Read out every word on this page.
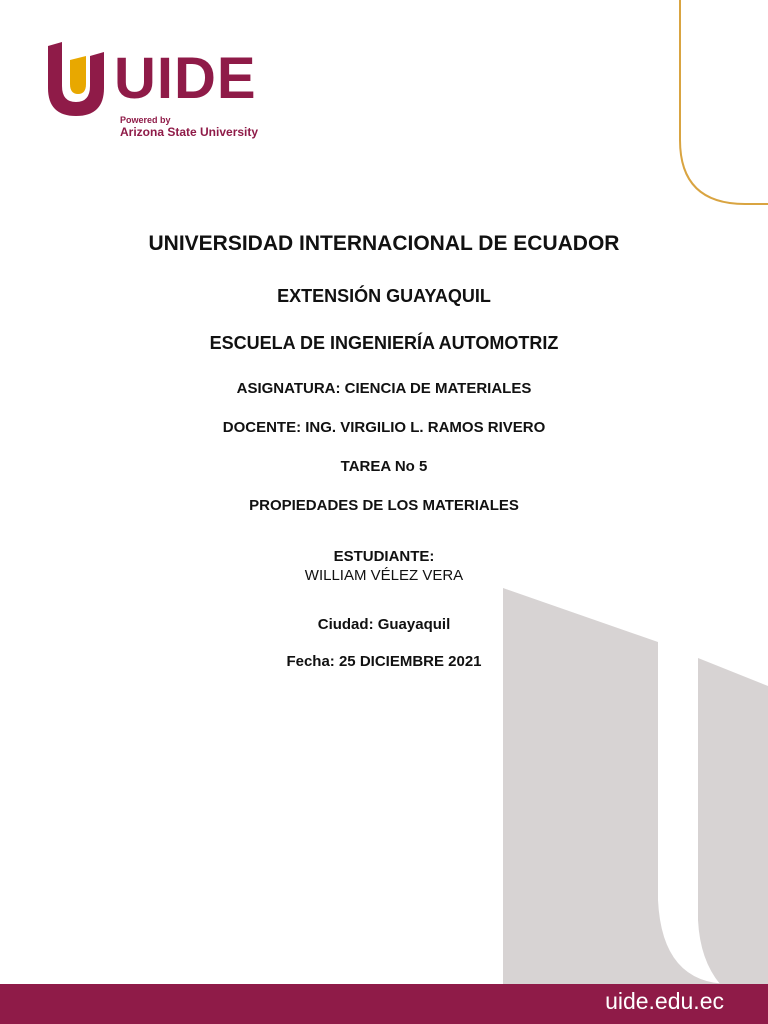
UIDE
Powered by
Arizona State University
UNIVERSIDAD INTERNACIONAL DE ECUADOR
EXTENSIÓN GUAYAQUIL
ESCUELA DE INGENIERÍA AUTOMOTRIZ
ASIGNATURA: CIENCIA DE MATERIALES
DOCENTE: ING. VIRGILIO L. RAMOS RIVERO
TAREA No 5
PROPIEDADES DE LOS MATERIALES
ESTUDIANTE:
WILLIAM VÉLEZ VERA
Ciudad: Guayaquil
Fecha: 25 DICIEMBRE 2021
uide.edu.ec
